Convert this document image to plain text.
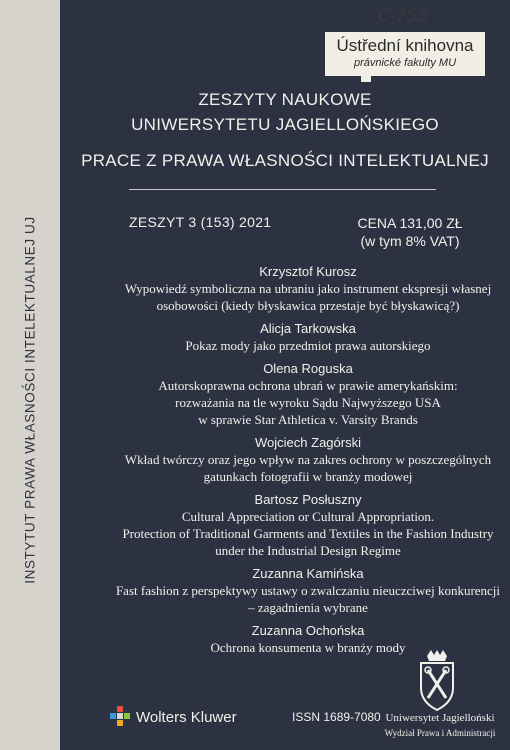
INSTYTUT PRAWA WŁASNOŚCI INTELEKTUALNEJ UJ
C-755
Ústřední knihovna
právnické fakulty MU
ZESZYTY NAUKOWE
UNIWERSYTETU JAGIELLOŃSKIEGO
PRACE Z PRAWA WŁASNOŚCI INTELEKTUALNEJ
ZESZYT 3 (153) 2021	CENA 131,00 ZŁ
(w tym 8% VAT)
Krzysztof Kurosz
Wypowiedź symboliczna na ubraniu jako instrument ekspresji własnej
osobowości (kiedy błyskawica przestaje być błyskawicą?)
Alicja Tarkowska
Pokaz mody jako przedmiot prawa autorskiego
Olena Roguska
Autorskoprawna ochrona ubrań w prawie amerykańskim:
rozważania na tle wyroku Sądu Najwyższego USA
w sprawie Star Athletica v. Varsity Brands
Wojciech Zagórski
Wkład twórczy oraz jego wpływ na zakres ochrony w poszczególnych
gatunkach fotografii w branży modowej
Bartosz Posłuszny
Cultural Appreciation or Cultural Appropriation.
Protection of Traditional Garments and Textiles in the Fashion Industry
under the Industrial Design Regime
Zuzanna Kamińska
Fast fashion z perspektywy ustawy o zwalczaniu nieuczciwej konkurencji
– zagadnienia wybrane
Zuzanna Ochońska
Ochrona konsumenta w branży mody
Wolters Kluwer	ISSN 1689-7080 Uniwersytet Jagielloński
Wydział Prawa i Administracji
